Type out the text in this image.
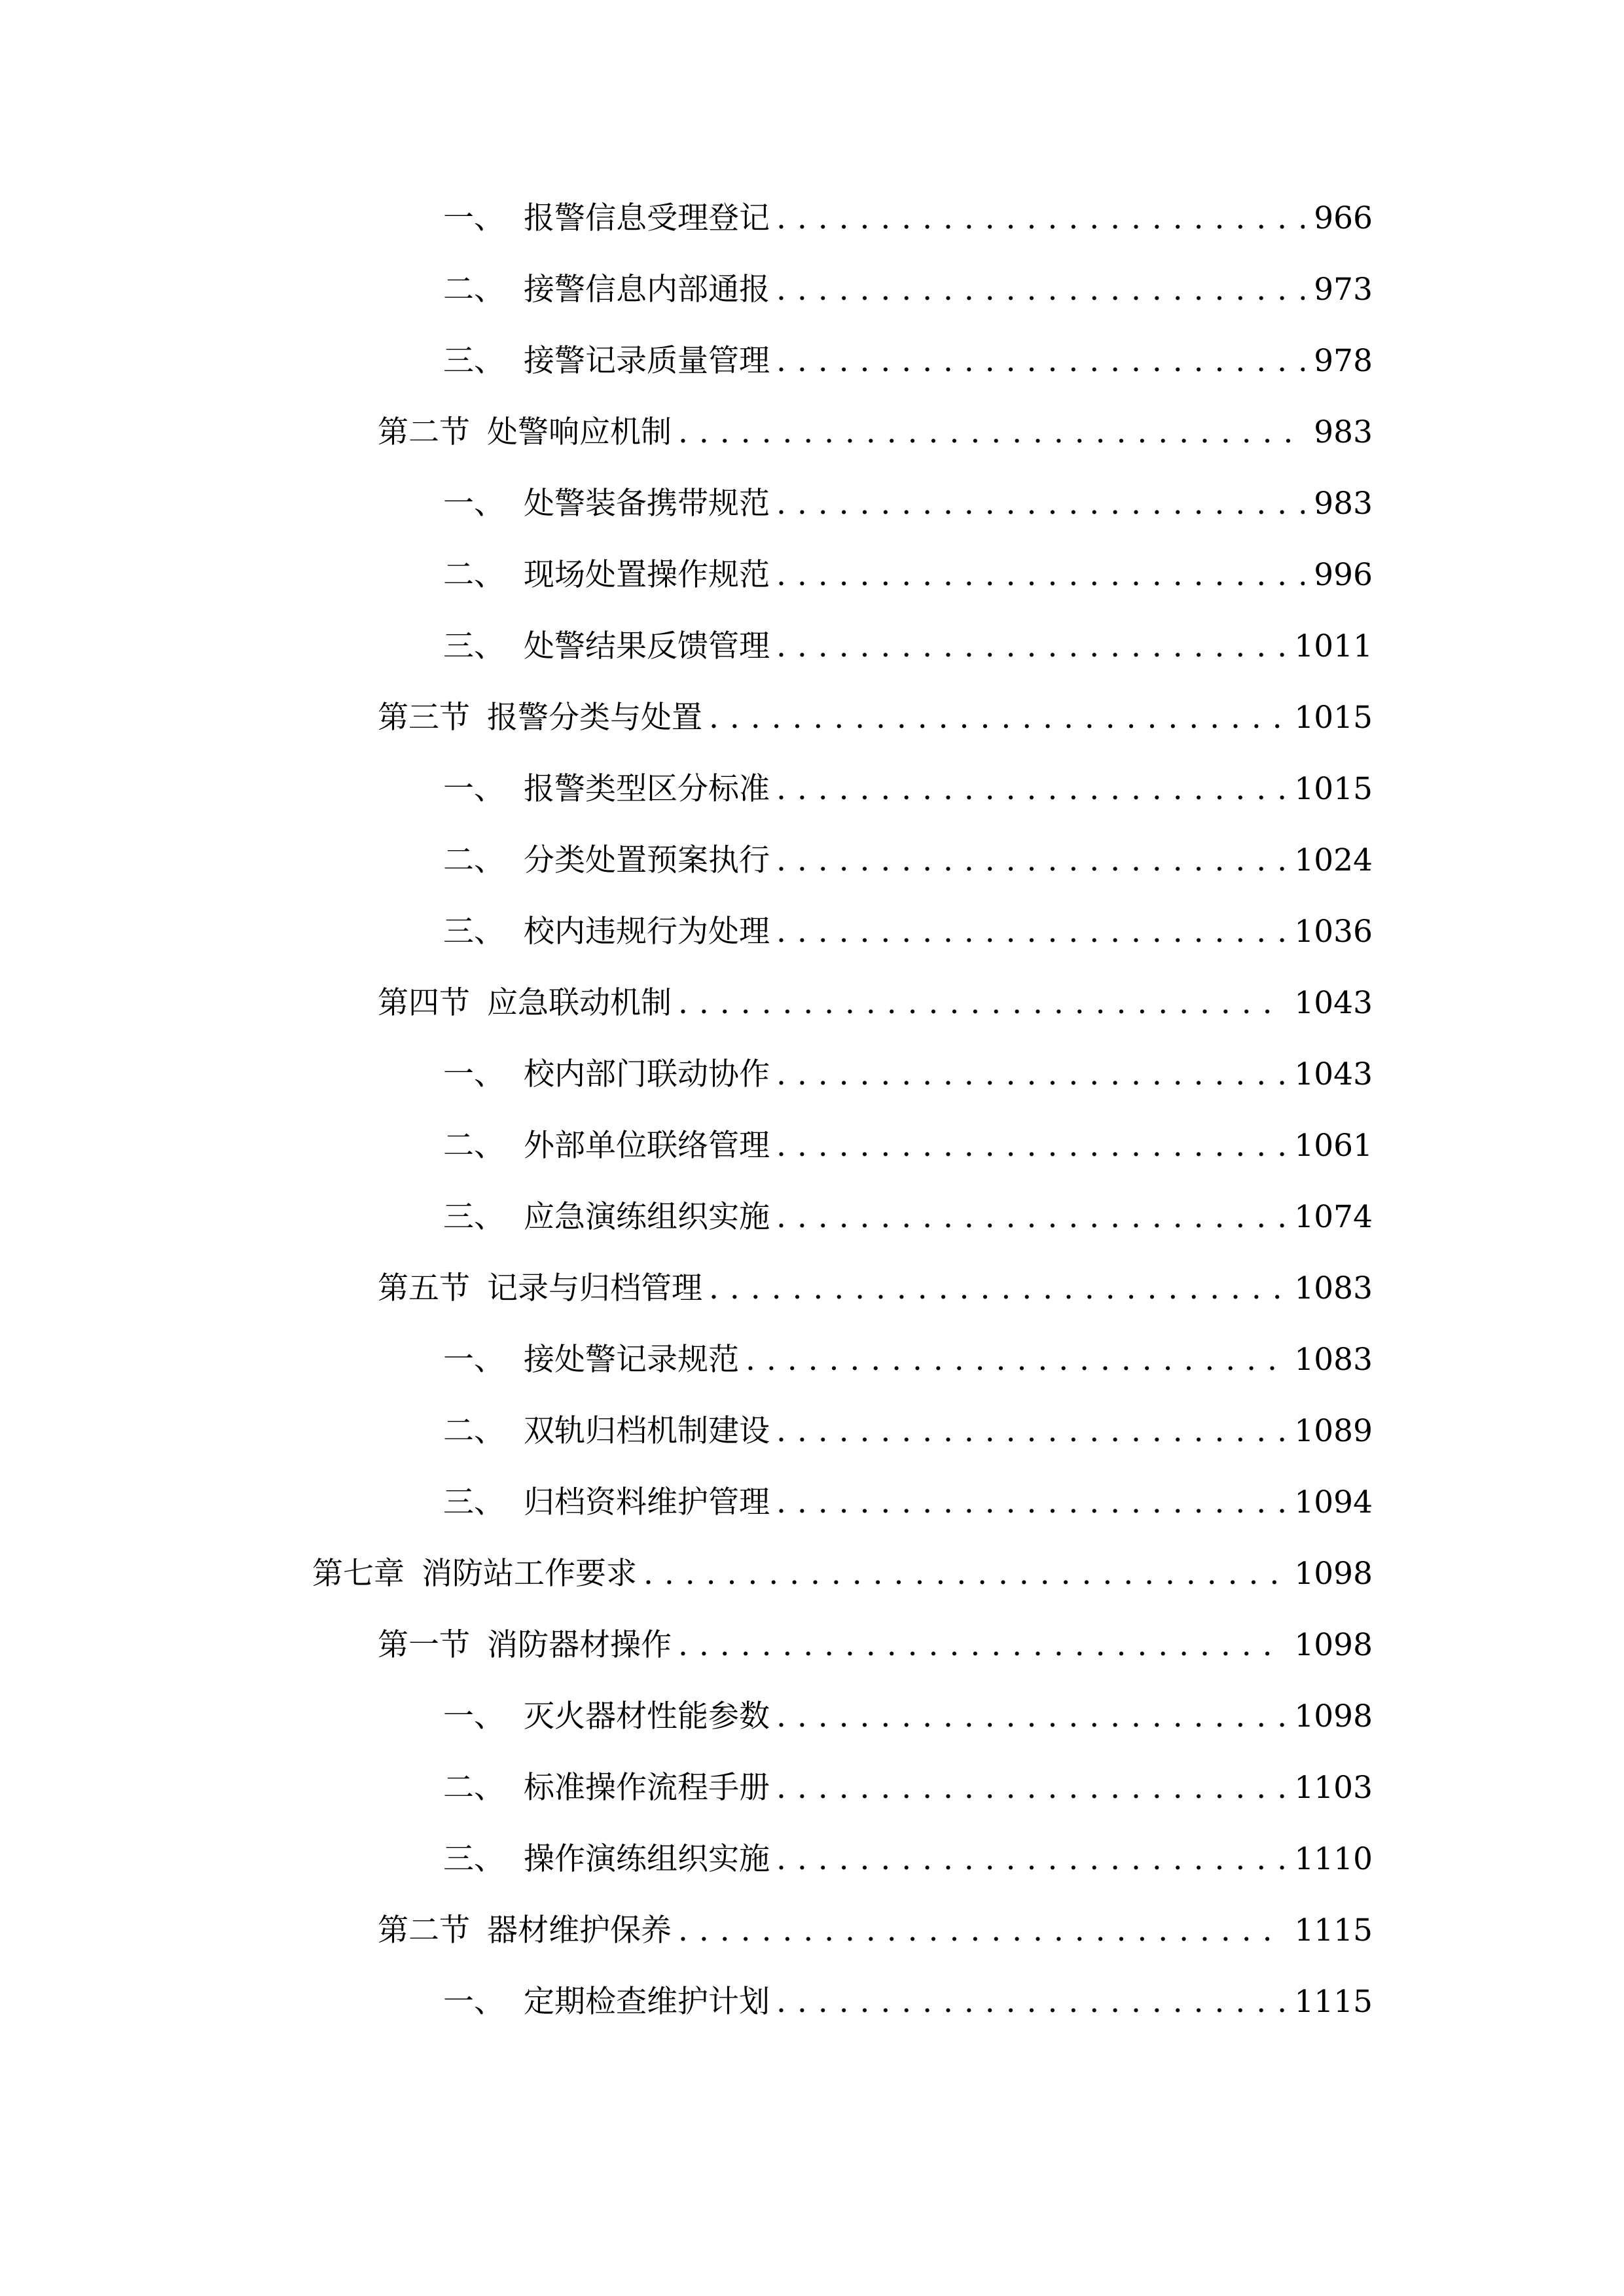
一、 报警信息受理登记 . . .	966
二、 接警信息内部通报 . . .	973
三、 接警记录质量管理 . . .	978
第二节 处警响应机制 . . .	983
一、 处警装备携带规范 . . .	983
二、 现场处置操作规范 . . .	996
三、 处警结果反馈管理 . . .	1011
第三节 报警分类与处置 . . .	1015
一、 报警类型区分标准 . . .	1015
二、 分类处置预案执行 . . .	1024
三、 校内违规行为处理 . . .	1036
第四节 应急联动机制 . . .	1043
一、 校内部门联动协作 . . .	1043
二、 外部单位联络管理 . . .	1061
三、 应急演练组织实施 . . .	1074
第五节 记录与归档管理 . . .	1083
一、 接处警记录规范 . . .	1083
二、 双轨归档机制建设 . . .	1089
三、 归档资料维护管理 . . .	1094
第七章 消防站工作要求 . . .	1098
第一节 消防器材操作 . . .	1098
一、 灭火器材性能参数 . . .	1098
二、 标准操作流程手册 . . .	1103
三、 操作演练组织实施 . . .	1110
第二节 器材维护保养 . . .	1115
一、 定期检查维护计划 . . .	1115
